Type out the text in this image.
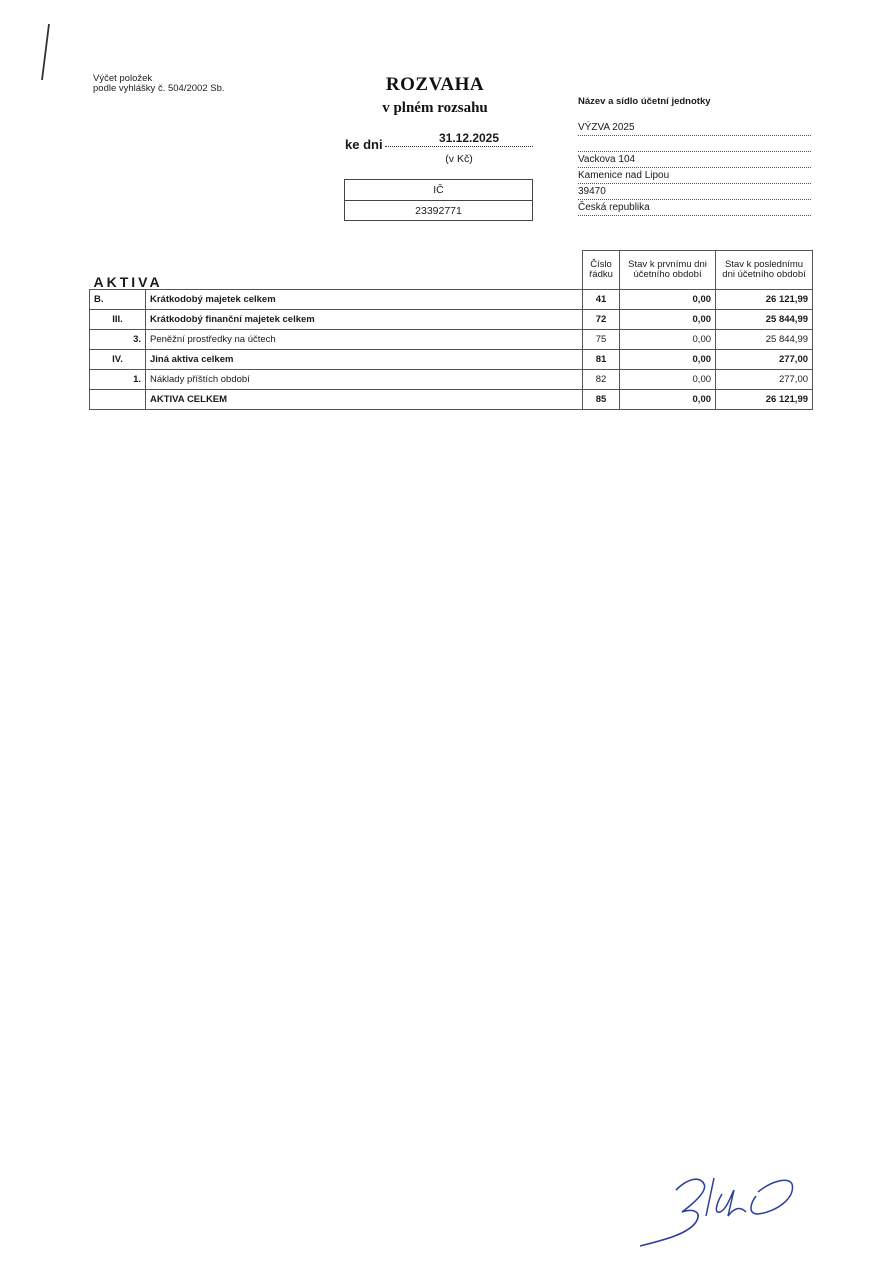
Výčet položek
podle vyhlášky č. 504/2002 Sb.	ROZVAHA
v plném rozsahu
ke dni	31.12.2025
(v Kč)
IČ
23392771
Název a sídlo účetní jednotky
VÝZVA 2025
Vackova 104
Kamenice nad Lipou
39470
Česká republika
AKTIVA		Číslo řádku	Stav k prvnímu dni účetního období	Stav k poslednímu dni účetního období
B.	Krátkodobý majetek celkem	41	0,00	26 121,99
III.	Krátkodobý finanční majetek celkem	72	0,00	25 844,99
3.	Peněžní prostředky na účtech	75	0,00	25 844,99
IV.	Jiná aktiva celkem	81	0,00	277,00
1.	Náklady příštích období	82	0,00	277,00
	AKTIVA CELKEM	85	0,00	26 121,99
